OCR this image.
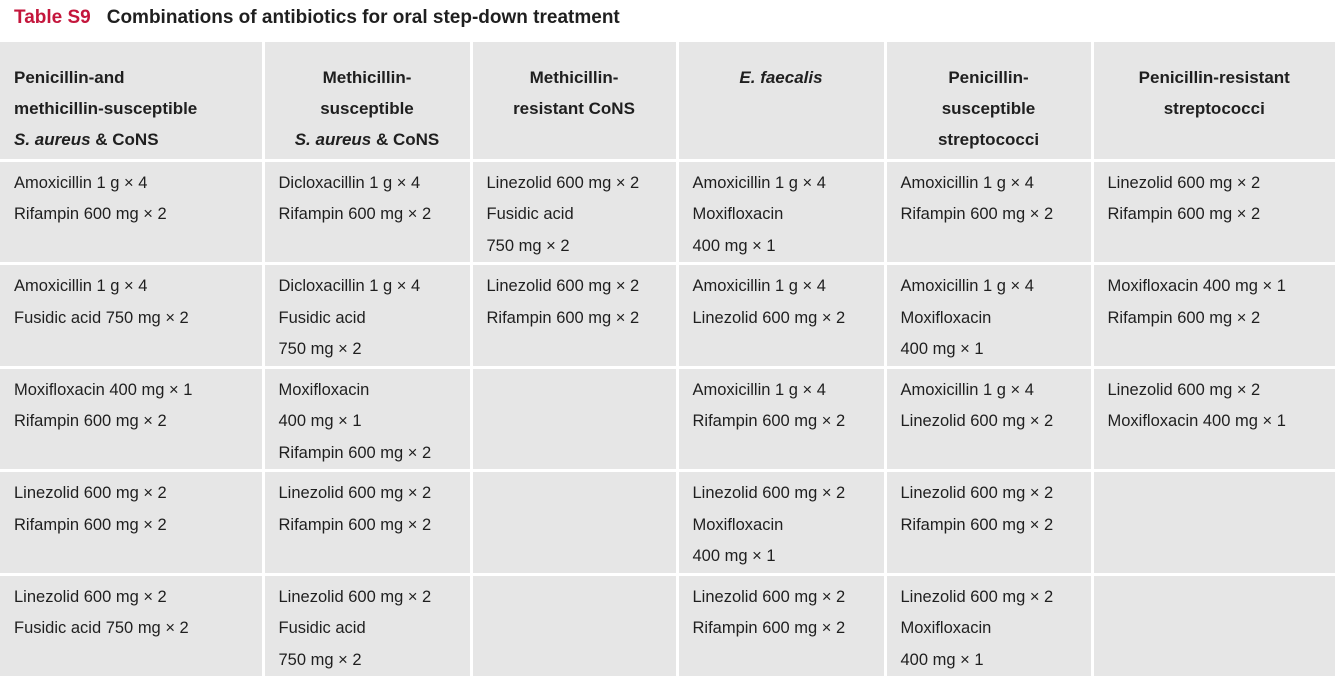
Table S9 Combinations of antibiotics for oral step-down treatment
Penicillin-and
methicillin-susceptible
S. aureus & CoNS	Methicillin-
susceptible
S. aureus & CoNS	Methicillin-
resistant CoNS	E. faecalis	Penicillin-
susceptible
streptococci	Penicillin-resistant
streptococci

Amoxicillin 1 g × 4
Rifampin 600 mg × 2	Dicloxacillin 1 g × 4
Rifampin 600 mg × 2	Linezolid 600 mg × 2
Fusidic acid
750 mg × 2	Amoxicillin 1 g × 4
Moxifloxacin
400 mg × 1	Amoxicillin 1 g × 4
Rifampin 600 mg × 2	Linezolid 600 mg × 2
Rifampin 600 mg × 2

Amoxicillin 1 g × 4
Fusidic acid 750 mg × 2	Dicloxacillin 1 g × 4
Fusidic acid
750 mg × 2	Linezolid 600 mg × 2
Rifampin 600 mg × 2	Amoxicillin 1 g × 4
Linezolid 600 mg × 2	Amoxicillin 1 g × 4
Moxifloxacin
400 mg × 1	Moxifloxacin 400 mg × 1
Rifampin 600 mg × 2

Moxifloxacin 400 mg × 1
Rifampin 600 mg × 2	Moxifloxacin
400 mg × 1
Rifampin 600 mg × 2		Amoxicillin 1 g × 4
Rifampin 600 mg × 2	Amoxicillin 1 g × 4
Linezolid 600 mg × 2	Linezolid 600 mg × 2
Moxifloxacin 400 mg × 1

Linezolid 600 mg × 2
Rifampin 600 mg × 2	Linezolid 600 mg × 2
Rifampin 600 mg × 2		Linezolid 600 mg × 2
Moxifloxacin
400 mg × 1	Linezolid 600 mg × 2
Rifampin 600 mg × 2	

Linezolid 600 mg × 2
Fusidic acid 750 mg × 2	Linezolid 600 mg × 2
Fusidic acid
750 mg × 2		Linezolid 600 mg × 2
Rifampin 600 mg × 2	Linezolid 600 mg × 2
Moxifloxacin
400 mg × 1	
